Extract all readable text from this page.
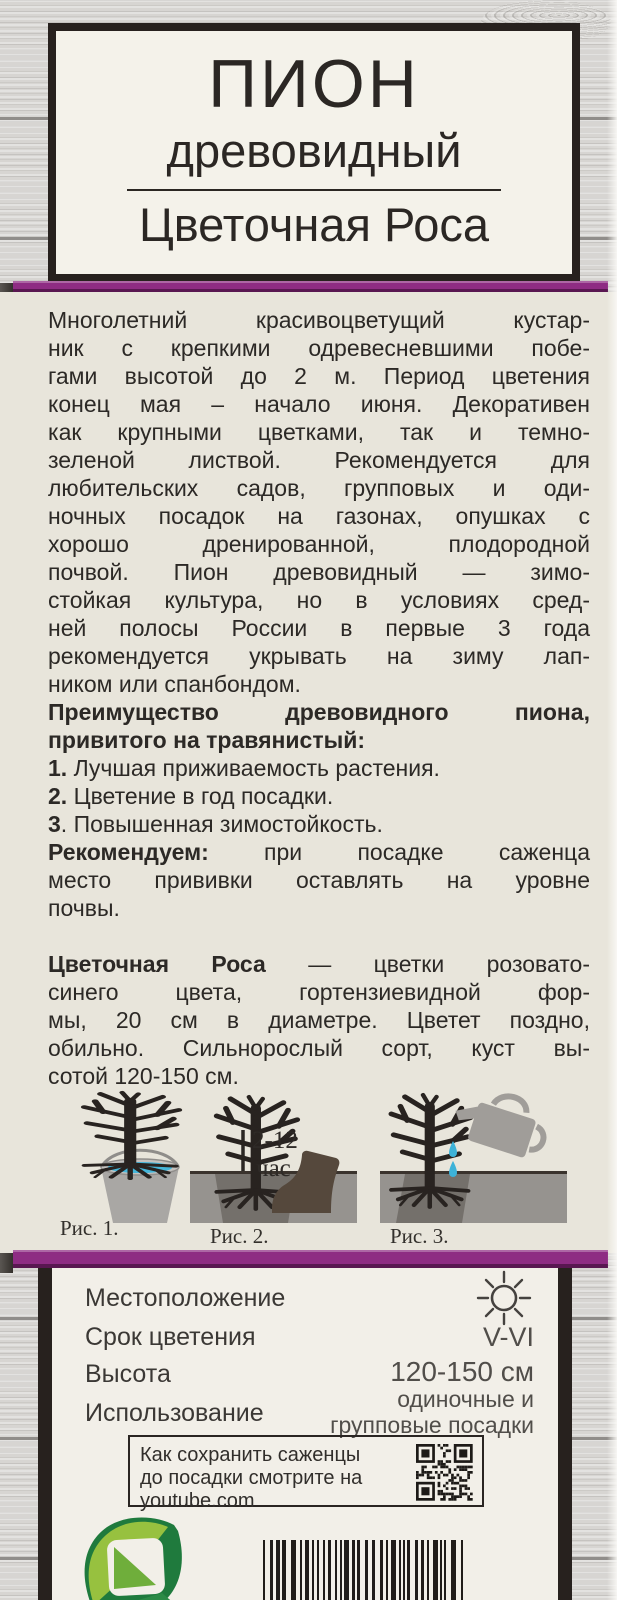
ПИОН
древовидный
Цветочная Роса
Многолетний красивоцветущий кустар-
ник с крепкими одревесневшими побе-
гами высотой до 2 м. Период цветения
конец мая – начало июня. Декоративен
как крупными цветками, так и темно-
зеленой листвой. Рекомендуется для
любительских садов, групповых и оди-
ночных посадок на газонах, опушках с
хорошо дренированной, плодородной
почвой. Пион древовидный — зимо-
стойкая культура, но в условиях сред-
ней полосы России в первые 3 года
рекомендуется укрывать на зиму лап-
ником или спанбондом.
Преимущество древовидного пиона,
привитого на травянистый:
1. Лучшая приживаемость растения.
2. Цветение в год посадки.
3. Повышенная зимостойкость.
Рекомендуем: при посадке саженца
место прививки оставлять на уровне
почвы.
Цветочная Роса — цветки розовато-
синего цвета, гортензиевидной фор-
мы, 20 см в диаметре. Цветет поздно,
обильно. Сильнорослый сорт, куст вы-
сотой 120-150 см.
2-12
час
Рис. 1.	Рис. 2.	Рис. 3.
Местоположение
Срок цветения	V-VI
Высота	120-150 см
Использование	одиночные и
групповые посадки
Как сохранить саженцы
до посадки смотрите на
youtube.com
